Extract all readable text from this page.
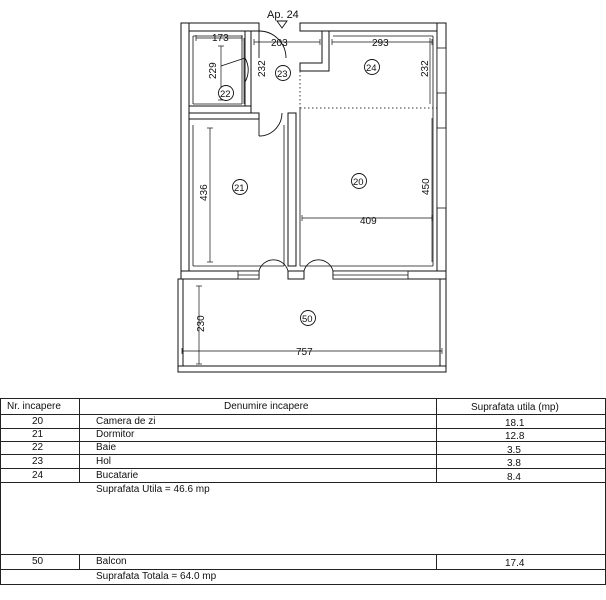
173
229
203
232
293
232
436
409
450
230
757
Ap. 24
20
21
22
23
24
50
Nr. incapere	Denumire incapere	Suprafata utila (mp)
20	Camera de zi	18.1
21	Dormitor	12.8
22	Baie	3.5
23	Hol	3.8
24	Bucatarie	8.4
Suprafata Utila = 46.6 mp
50	Balcon	17.4
Suprafata Totala = 64.0 mp
